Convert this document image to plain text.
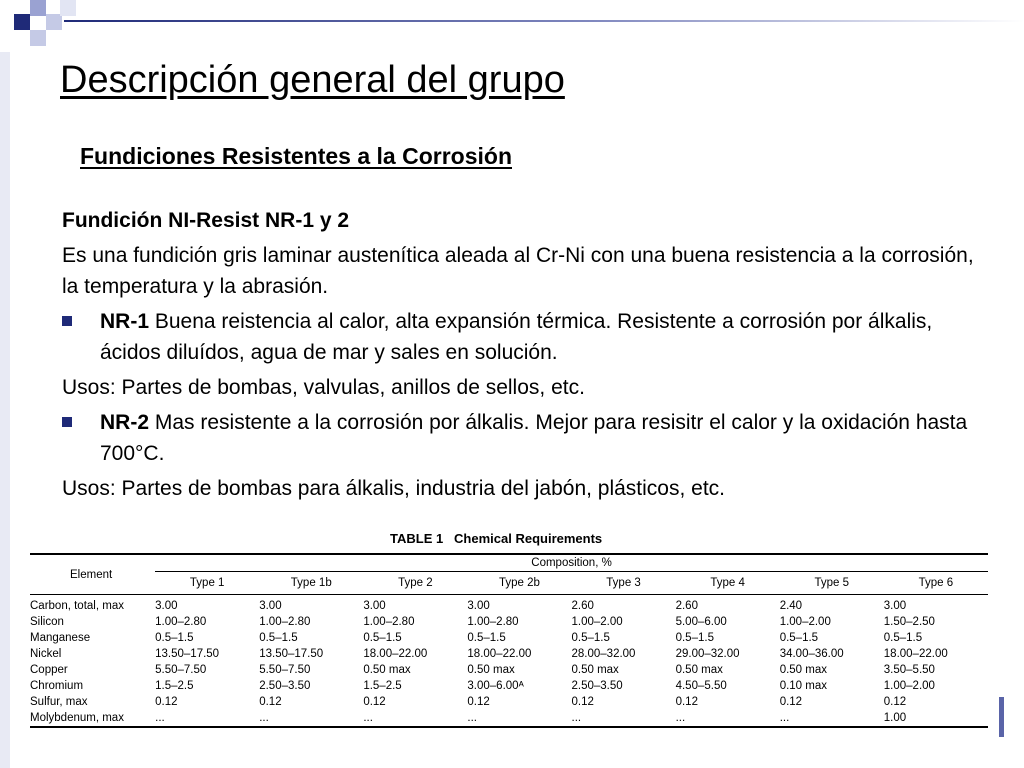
Descripción general del grupo
Fundiciones Resistentes a la Corrosión

Fundición NI-Resist NR-1 y 2

Es una fundición gris laminar austenítica aleada al Cr-Ni con una buena resistencia a la corrosión, la temperatura y la abrasión.

NR-1 Buena reistencia al calor, alta expansión térmica. Resistente a corrosión por álkalis, ácidos diluídos, agua de mar y sales en solución.

Usos: Partes de bombas, valvulas, anillos de sellos, etc.

NR-2 Mas resistente a la corrosión por álkalis. Mejor para resisitr el calor y la oxidación hasta 700°C.

Usos: Partes de bombas para álkalis, industria del jabón, plásticos, etc.

TABLE 1   Chemical Requirements
Element	Composition, %							
	Type 1	Type 1b	Type 2	Type 2b	Type 3	Type 4	Type 5	Type 6
Carbon, total, max	3.00	3.00	3.00	3.00	2.60	2.60	2.40	3.00
Silicon	1.00–2.80	1.00–2.80	1.00–2.80	1.00–2.80	1.00–2.00	5.00–6.00	1.00–2.00	1.50–2.50
Manganese	0.5–1.5	0.5–1.5	0.5–1.5	0.5–1.5	0.5–1.5	0.5–1.5	0.5–1.5	0.5–1.5
Nickel	13.50–17.50	13.50–17.50	18.00–22.00	18.00–22.00	28.00–32.00	29.00–32.00	34.00–36.00	18.00–22.00
Copper	5.50–7.50	5.50–7.50	0.50 max	0.50 max	0.50 max	0.50 max	0.50 max	3.50–5.50
Chromium	1.5–2.5	2.50–3.50	1.5–2.5	3.00–6.00ᴬ	2.50–3.50	4.50–5.50	0.10 max	1.00–2.00
Sulfur, max	0.12	0.12	0.12	0.12	0.12	0.12	0.12	0.12
Molybdenum, max	...	...	...	...	...	...	...	1.00
